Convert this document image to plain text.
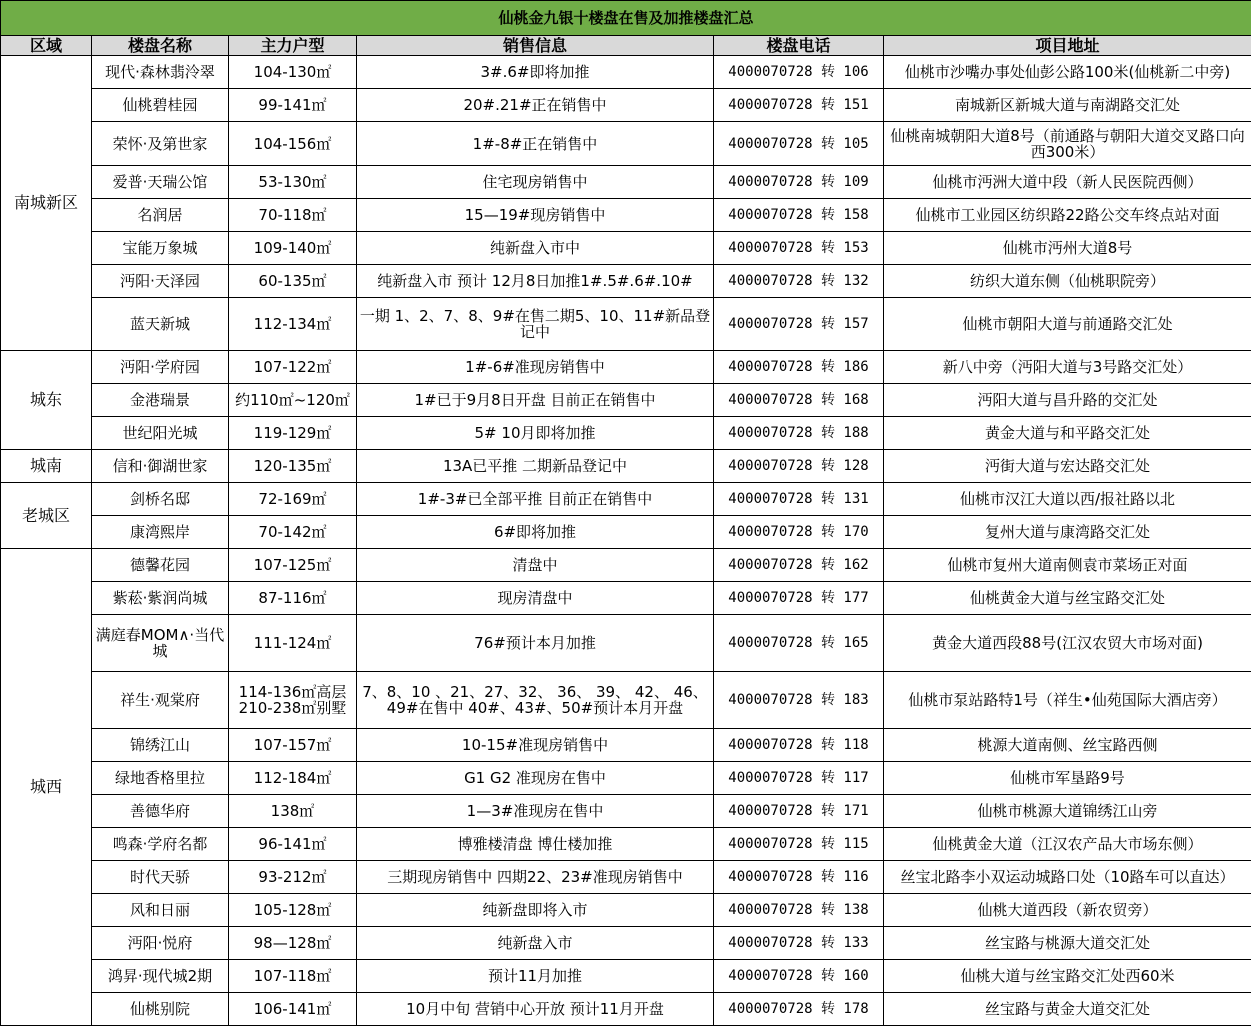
仙桃金九银十楼盘在售及加推楼盘汇总					
区域	楼盘名称	主力户型	销售信息	楼盘电话	项目地址
南城新区	现代·森林翡泠翠	104-130㎡	3#.6#即将加推	4000070728 转 106	仙桃市沙嘴办事处仙彭公路100米(仙桃新二中旁)
	仙桃碧桂园	99-141㎡	20#.21#正在销售中	4000070728 转 151	南城新区新城大道与南湖路交汇处
	荣怀·及第世家	104-156㎡	1#-8#正在销售中	4000070728 转 105	仙桃南城朝阳大道8号（前通路与朝阳大道交叉路口向西300米）
	爱普·天瑞公馆	53-130㎡	住宅现房销售中	4000070728 转 109	仙桃市沔洲大道中段（新人民医院西侧）
	名润居	70-118㎡	15—19#现房销售中	4000070728 转 158	仙桃市工业园区纺织路22路公交车终点站对面
	宝能万象城	109-140㎡	纯新盘入市中	4000070728 转 153	仙桃市沔州大道8号
	沔阳·天泽园	60-135㎡	纯新盘入市 预计 12月8日加推1#.5#.6#.10#	4000070728 转 132	纺织大道东侧（仙桃职院旁）
	蓝天新城	112-134㎡	一期 1、2、7、8、9#在售二期5、10、11#新品登记中	4000070728 转 157	仙桃市朝阳大道与前通路交汇处
城东	沔阳·学府园	107-122㎡	1#-6#准现房销售中	4000070728 转 186	新八中旁（沔阳大道与3号路交汇处）
	金港瑞景	约110㎡~120㎡	1#已于9月8日开盘 目前正在销售中	4000070728 转 168	沔阳大道与昌升路的交汇处
	世纪阳光城	119-129㎡	5# 10月即将加推	4000070728 转 188	黄金大道与和平路交汇处
城南	信和·御湖世家	120-135㎡	13A已平推 二期新品登记中	4000070728 转 128	沔街大道与宏达路交汇处
老城区	剑桥名邸	72-169㎡	1#-3#已全部平推 目前正在销售中	4000070728 转 131	仙桃市汉江大道以西/报社路以北
	康湾熙岸	70-142㎡	6#即将加推	4000070728 转 170	复州大道与康湾路交汇处
城西	德馨花园	107-125㎡	清盘中	4000070728 转 162	仙桃市复州大道南侧袁市菜场正对面
	紫菘·紫润尚城	87-116㎡	现房清盘中	4000070728 转 177	仙桃黄金大道与丝宝路交汇处
	满庭春MOM∧·当代城	111-124㎡	76#预计本月加推	4000070728 转 165	黄金大道西段88号(江汉农贸大市场对面)
	祥生·观棠府	114-136㎡高层 210-238㎡别墅	7、8、10 、21、27、32、 36、 39、 42、 46、49#在售中 40#、43#、50#预计本月开盘	4000070728 转 183	仙桃市泵站路特1号（祥生•仙苑国际大酒店旁）
	锦绣江山	107-157㎡	10-15#准现房销售中	4000070728 转 118	桃源大道南侧、丝宝路西侧
	绿地香格里拉	112-184㎡	G1 G2 准现房在售中	4000070728 转 117	仙桃市军垦路9号
	善德华府	138㎡	1—3#准现房在售中	4000070728 转 171	仙桃市桃源大道锦绣江山旁
	鸣森·学府名都	96-141㎡	博雅楼清盘 博仕楼加推	4000070728 转 115	仙桃黄金大道（江汉农产品大市场东侧）
	时代天骄	93-212㎡	三期现房销售中 四期22、23#准现房销售中	4000070728 转 116	丝宝北路李小双运动城路口处（10路车可以直达）
	风和日丽	105-128㎡	纯新盘即将入市	4000070728 转 138	仙桃大道西段（新农贸旁）
	沔阳·悦府	98—128㎡	纯新盘入市	4000070728 转 133	丝宝路与桃源大道交汇处
	鸿昇·现代城2期	107-118㎡	预计11月加推	4000070728 转 160	仙桃大道与丝宝路交汇处西60米
	仙桃别院	106-141㎡	10月中旬 营销中心开放 预计11月开盘	4000070728 转 178	丝宝路与黄金大道交汇处
